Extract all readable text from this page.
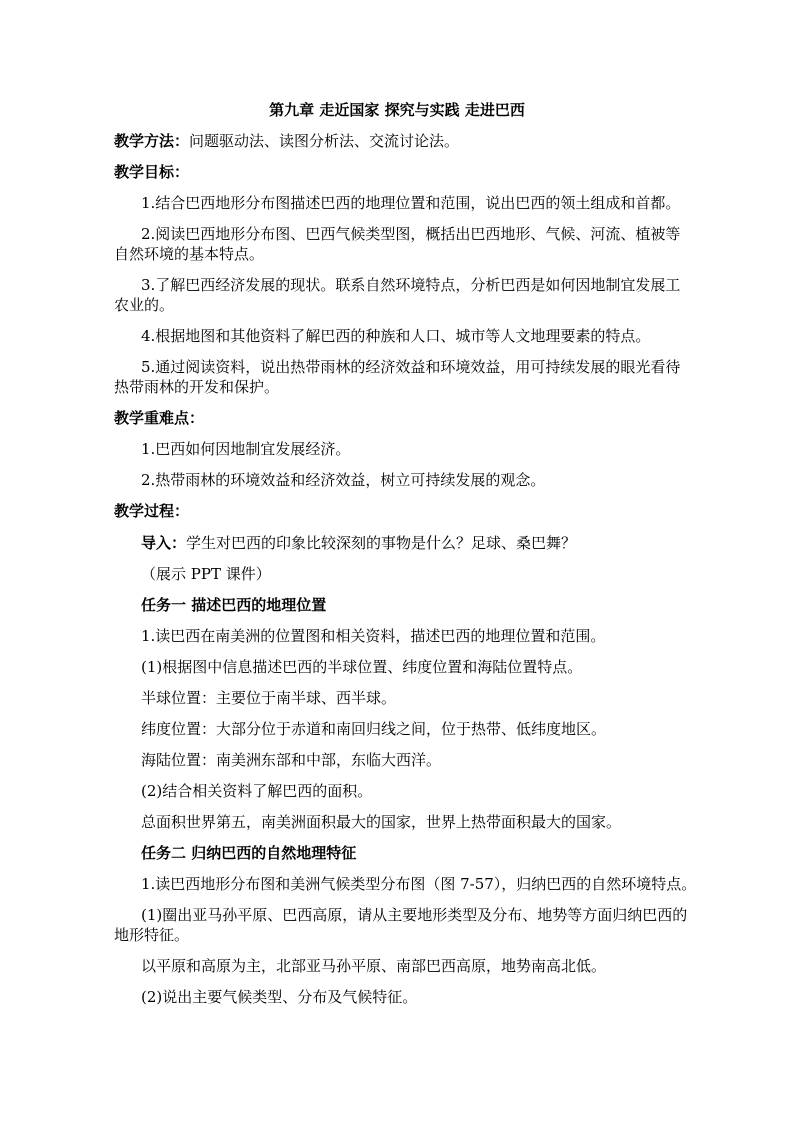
第九章 走近国家 探究与实践 走进巴西
教学方法：问题驱动法、读图分析法、交流讨论法。
教学目标：
1.结合巴西地形分布图描述巴西的地理位置和范围，说出巴西的领土组成和首都。
2.阅读巴西地形分布图、巴西气候类型图，概括出巴西地形、气候、河流、植被等
自然环境的基本特点。
3.了解巴西经济发展的现状。联系自然环境特点，分析巴西是如何因地制宜发展工
农业的。
4.根据地图和其他资料了解巴西的种族和人口、城市等人文地理要素的特点。
5.通过阅读资料，说出热带雨林的经济效益和环境效益，用可持续发展的眼光看待
热带雨林的开发和保护。
教学重难点：
1.巴西如何因地制宜发展经济。
2.热带雨林的环境效益和经济效益，树立可持续发展的观念。
教学过程：
导入：学生对巴西的印象比较深刻的事物是什么？足球、桑巴舞？
（展示 PPT 课件）
任务一 描述巴西的地理位置
1.读巴西在南美洲的位置图和相关资料，描述巴西的地理位置和范围。
(1)根据图中信息描述巴西的半球位置、纬度位置和海陆位置特点。
半球位置：主要位于南半球、西半球。
纬度位置：大部分位于赤道和南回归线之间，位于热带、低纬度地区。
海陆位置：南美洲东部和中部，东临大西洋。
(2)结合相关资料了解巴西的面积。
总面积世界第五，南美洲面积最大的国家，世界上热带面积最大的国家。
任务二 归纳巴西的自然地理特征
1.读巴西地形分布图和美洲气候类型分布图（图 7-57），归纳巴西的自然环境特点。
(1)圈出亚马孙平原、巴西高原，请从主要地形类型及分布、地势等方面归纳巴西的
地形特征。
以平原和高原为主，北部亚马孙平原、南部巴西高原，地势南高北低。
(2)说出主要气候类型、分布及气候特征。
